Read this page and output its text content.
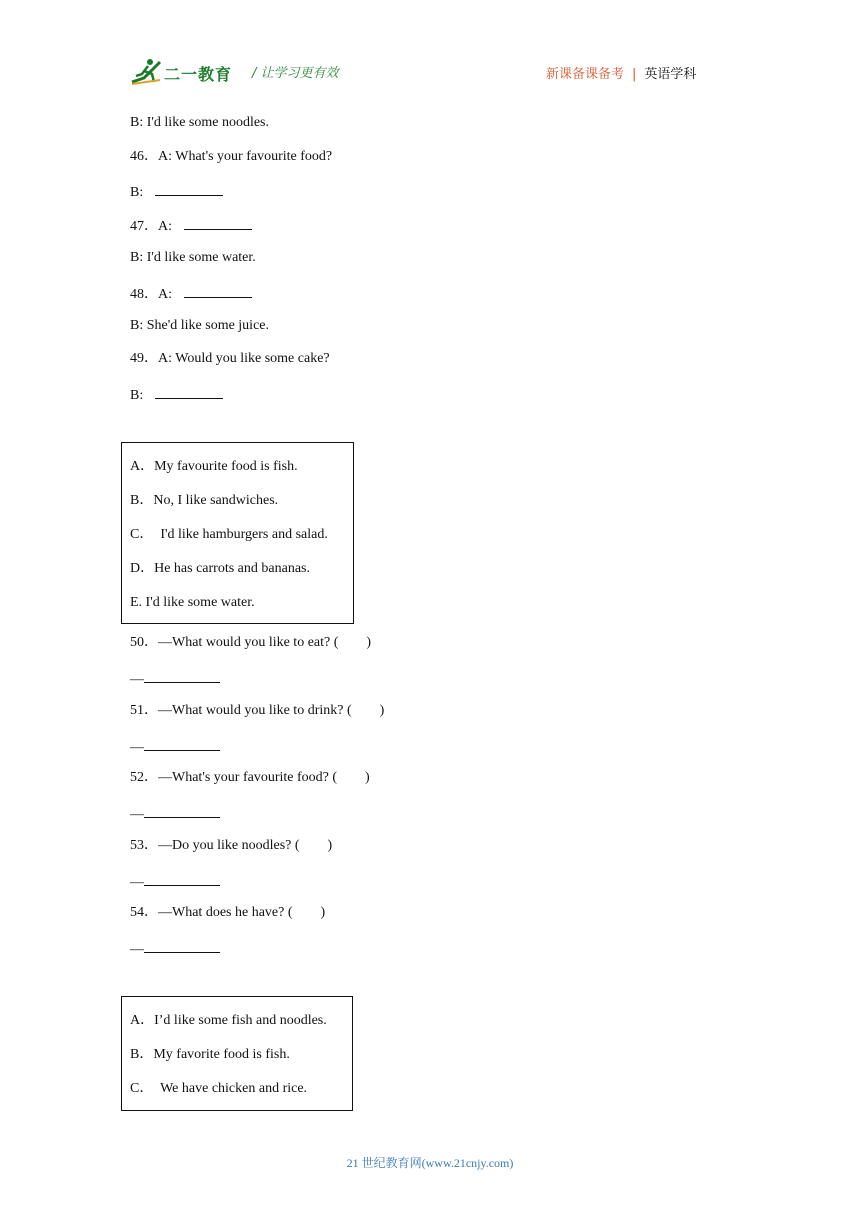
二一教育 / 让学习更有效	新课备课备考 | 英语学科
B: I'd like some noodles.
46．A: What's your favourite food?
B:
47．A:
B: I'd like some water.
48．A:
B: She'd like some juice.
49．A: Would you like some cake?
B:
A．My favourite food is fish.
B．No, I like sandwiches.
C．  I'd like hamburgers and salad.
D．He has carrots and bananas.
E. I'd like some water.
50．—What would you like to eat? (        )
—
51．—What would you like to drink? (        )
—
52．—What's your favourite food? (        )
—
53．—Do you like noodles? (        )
—
54．—What does he have? (        )
—
A．I’d like some fish and noodles.
B．My favorite food is fish.
C．  We have chicken and rice.
21 世纪教育网(www.21cnjy.com)
